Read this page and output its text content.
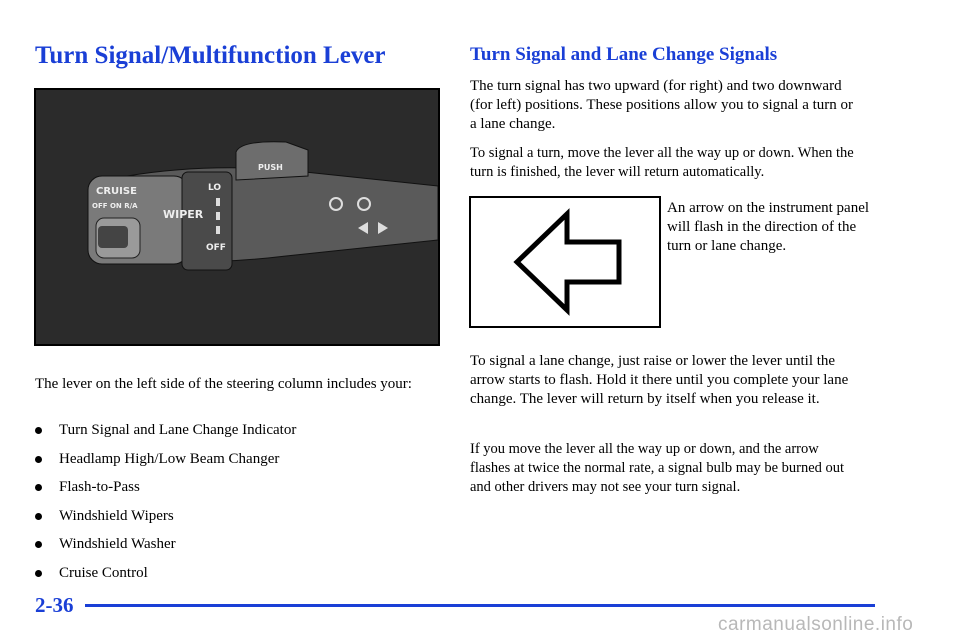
Turn Signal/Multifunction Lever
CRUISE
OFF ON R/A
WIPER
LO
OFF
PUSH

The lever on the left side of the steering column includes your:

Turn Signal and Lane Change Indicator
Headlamp High/Low Beam Changer
Flash-to-Pass
Windshield Wipers
Windshield Washer
Cruise Control
Turn Signal and Lane Change Signals

The turn signal has two upward (for right) and two downward (for left) positions. These positions allow you to signal a turn or a lane change.

To signal a turn, move the lever all the way up or down. When the turn is finished, the lever will return automatically.

An arrow on the instrument panel will flash in the direction of the turn or lane change.

To signal a lane change, just raise or lower the lever until the arrow starts to flash. Hold it there until you complete your lane change. The lever will return by itself when you release it.

If you move the lever all the way up or down, and the arrow flashes at twice the normal rate, a signal bulb may be burned out and other drivers may not see your turn signal.

2-36
carmanualsonline.info
